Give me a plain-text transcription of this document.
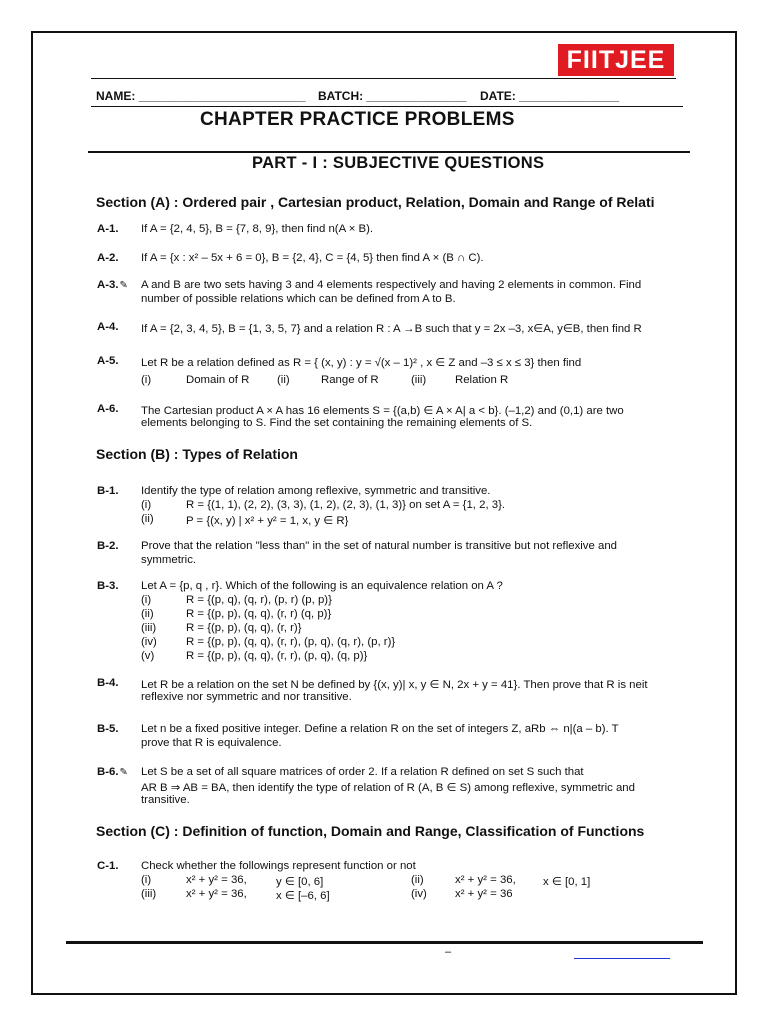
FIITJEE
NAME: _________________________ BATCH: _______________ DATE: _______________
CHAPTER PRACTICE PROBLEMS
PART - I : SUBJECTIVE QUESTIONS
Section (A) : Ordered pair , Cartesian product, Relation, Domain and Range of Relati
A-1. If A = {2, 4, 5}, B = {7, 8, 9}, then find n(A × B).
A-2. If A = {x : x² – 5x + 6 = 0}, B = {2, 4}, C = {4, 5} then find A × (B ∩ C).
A-3.✎ A and B are two sets having 3 and 4 elements respectively and having 2 elements in common. Find
number of possible relations which can be defined from A to B.
A-4. If A = {2, 3, 4, 5}, B = {1, 3, 5, 7} and a relation R : A →B such that y = 2x –3, x∈A, y∈B, then find R
A-5. Let R be a relation defined as R = { (x, y) : y = √(x – 1)² , x ∈ Z and –3 ≤ x ≤ 3} then find
(i)	Domain of R (ii)	Range of R	(iii)	Relation R
A-6. The Cartesian product A × A has 16 elements S = {(a,b) ∈ A × A| a < b}. (–1,2) and (0,1) are two
elements belonging to S. Find the set containing the remaining elements of S.
Section (B) : Types of Relation
B-1. Identify the type of relation among reflexive, symmetric and transitive.
(i)	R = {(1, 1), (2, 2), (3, 3), (1, 2), (2, 3), (1, 3)} on set A = {1, 2, 3}.
(ii)	P = {(x, y) | x² + y² = 1, x, y ∈ R}
B-2. Prove that the relation "less than" in the set of natural number is transitive but not reflexive and
symmetric.
B-3. Let A = {p, q , r}. Which of the following is an equivalence relation on A ?
(i)	R = {(p, q), (q, r), (p, r) (p, p)}
(ii)	R = {(p, p), (q, q), (r, r) (q, p)}
(iii)	R = {(p, p), (q, q), (r, r)}
(iv)	R = {(p, p), (q, q), (r, r), (p, q), (q, r), (p, r)}
(v)	R = {(p, p), (q, q), (r, r), (p, q), (q, p)}
B-4. Let R be a relation on the set N be defined by {(x, y)| x, y ∈ N, 2x + y = 41}. Then prove that R is neit
reflexive nor symmetric and nor transitive.
B-5. Let n be a fixed positive integer. Define a relation R on the set of integers Z, aRb ⇔ n|(a – b). T
prove that R is equivalence.
B-6.✎ Let S be a set of all square matrices of order 2. If a relation R defined on set S such that
AR B ⇒ AB = BA, then identify the type of relation of R (A, B ∈ S) among reflexive, symmetric and
transitive.
Section (C) : Definition of function, Domain and Range, Classification of Functions
C-1. Check whether the followings represent function or not
(i)	x² + y² = 36,	y ∈ [0, 6]	(ii)	x² + y² = 36, x ∈ [0, 1]
(iii)	x² + y² = 36,	x ∈ [–6, 6]	(iv) x² + y² = 36
–
